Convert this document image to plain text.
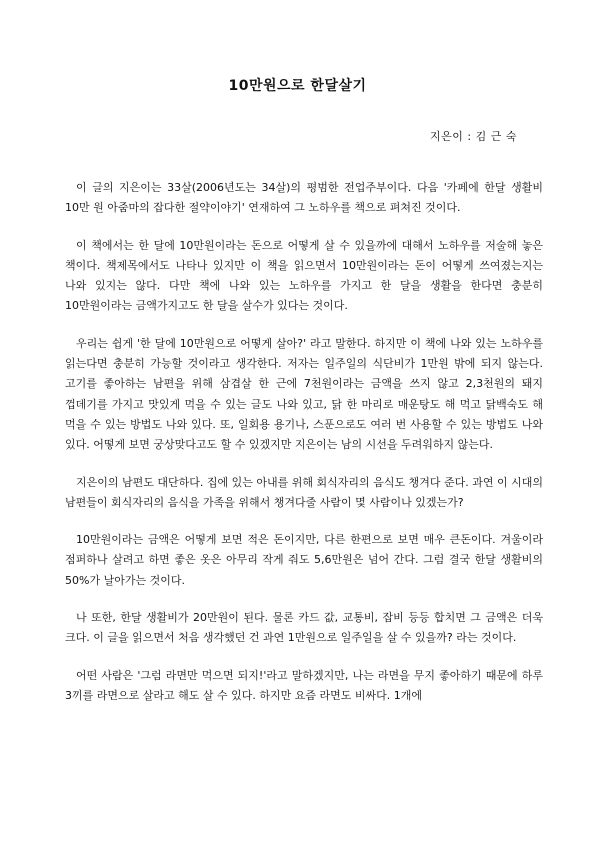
10만원으로 한달살기
지은이 : 김 근 숙

이 글의 지은이는 33살(2006년도는 34살)의 평범한 전업주부이다. 다음 '카페에 한달 생활비 10만 원 아줌마의 잡다한 절약이야기' 연재하여 그 노하우를 책으로 펴쳐진 것이다.

이 책에서는 한 달에 10만원이라는 돈으로 어떻게 살 수 있을까에 대해서 노하우를 저술해 놓은 책이다. 책제목에서도 나타나 있지만 이 책을 읽으면서 10만원이라는 돈이 어떻게 쓰여졌는지는 나와 있지는 않다. 다만 책에 나와 있는 노하우를 가지고 한 달을 생활을 한다면 충분히 10만원이라는 금액가지고도 한 달을 살수가 있다는 것이다.

우리는 쉽게 '한 달에 10만원으로 어떻게 살아?' 라고 말한다. 하지만 이 책에 나와 있는 노하우를 읽는다면 충분히 가능할 것이라고 생각한다. 저자는 일주일의 식단비가 1만원 밖에 되지 않는다. 고기를 좋아하는 남편을 위해 삼겹살 한 근에 7천원이라는 금액을 쓰지 않고 2,3천원의 돼지 껍데기를 가지고 맛있게 먹을 수 있는 글도 나와 있고, 닭 한 마리로 매운탕도 해 먹고 닭백숙도 해 먹을 수 있는 방법도 나와 있다. 또, 일회용 용기나, 스푼으로도 여러 번 사용할 수 있는 방법도 나와 있다. 어떻게 보면 궁상맞다고도 할 수 있겠지만 지은이는 남의 시선을 두려워하지 않는다.

지은이의 남편도 대단하다. 집에 있는 아내를 위해 회식자리의 음식도 챙겨다 준다. 과연 이 시대의 남편들이 회식자리의 음식을 가족을 위해서 챙겨다줄 사람이 몇 사람이나 있겠는가?

10만원이라는 금액은 어떻게 보면 적은 돈이지만, 다른 한편으로 보면 매우 큰돈이다. 겨울이라 점퍼하나 살려고 하면 좋은 옷은 아무리 작게 줘도 5,6만원은 넘어 간다. 그럼 결국 한달 생활비의 50%가 날아가는 것이다.

나 또한, 한달 생활비가 20만원이 된다. 물론 카드 값, 교통비, 잡비 등등 합치면 그 금액은 더욱 크다. 이 글을 읽으면서 처음 생각했던 건 과연 1만원으로 일주일을 살 수 있을까? 라는 것이다.

어떤 사람은 '그럼 라면만 먹으면 되지!'라고 말하겠지만, 나는 라면을 무지 좋아하기 때문에 하루 3끼를 라면으로 살라고 해도 살 수 있다. 하지만 요즘 라면도 비싸다. 1개에
